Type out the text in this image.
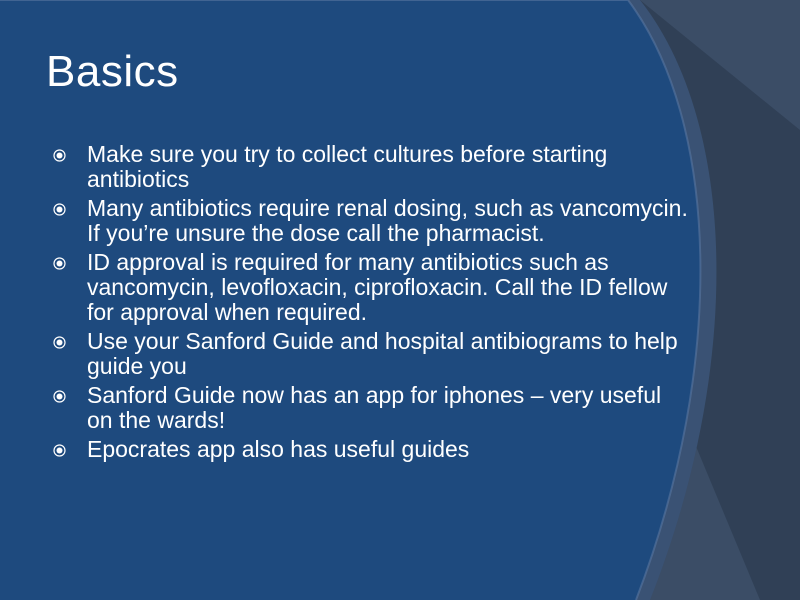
Basics
Make sure you try to collect cultures before starting antibiotics
Many antibiotics require renal dosing, such as vancomycin. If you’re unsure the dose call the pharmacist.
ID approval is required for many antibiotics such as vancomycin, levofloxacin, ciprofloxacin. Call the ID fellow for approval when required.
Use your Sanford Guide and hospital antibiograms to help guide you
Sanford Guide now has an app for iphones – very useful on the wards!
Epocrates app also has useful guides
